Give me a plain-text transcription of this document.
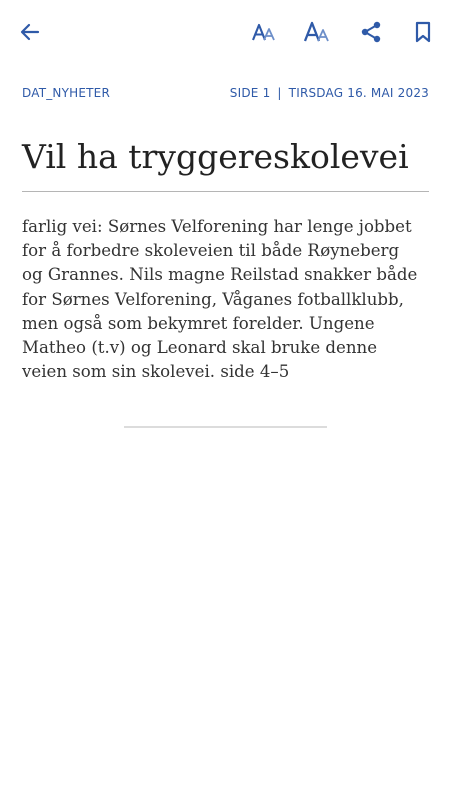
DAT_NYHETER	SIDE 1 | TIRSDAG 16. MAI 2023
Vil ha tryggereskolevei

farlig vei: Sørnes Velforening har lenge jobbet
for å forbedre skoleveien til både Røyneberg
og Grannes. Nils magne Reilstad snakker både
for Sørnes Velforening, Våganes fotballklubb,
men også som bekymret forelder. Ungene
Matheo (t.v) og Leonard skal bruke denne
veien som sin skolevei. side 4–5
